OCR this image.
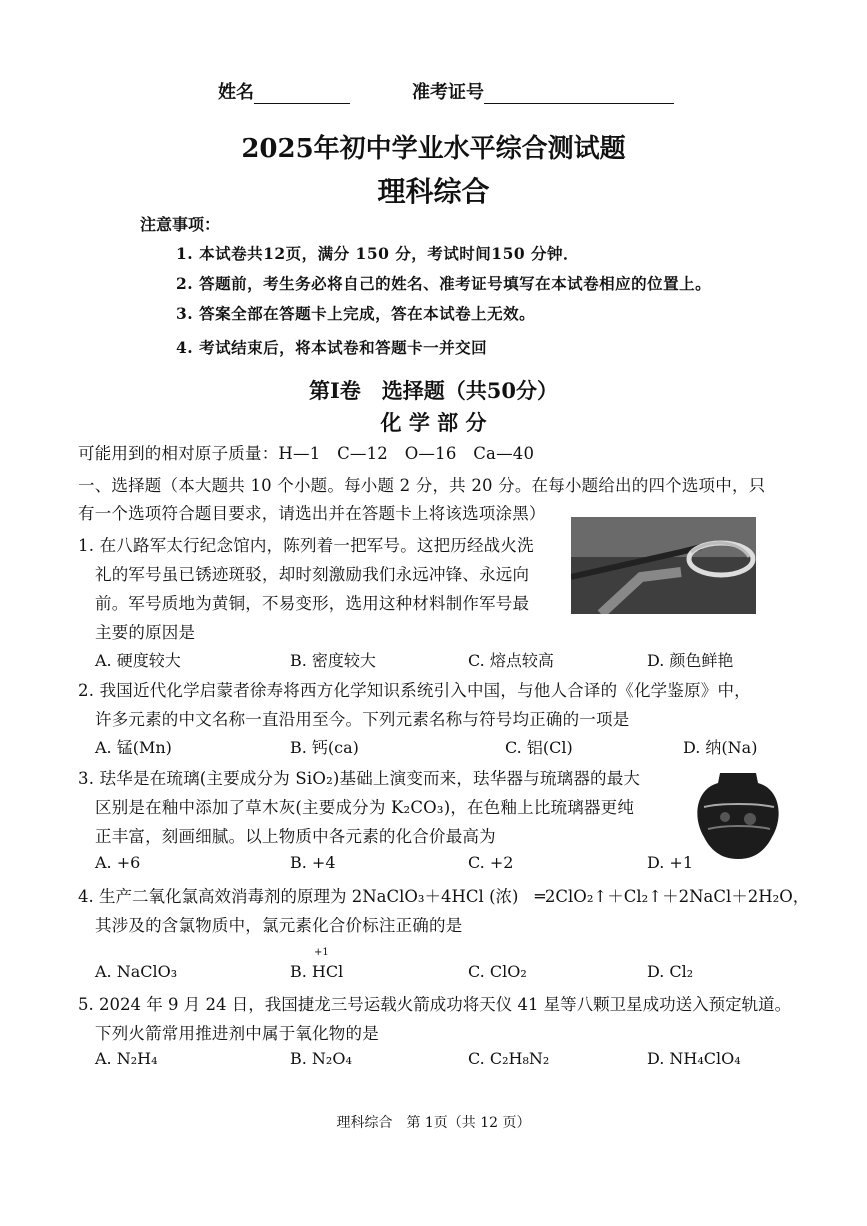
姓名	准考证号
2025年初中学业水平综合测试题
理科综合
注意事项：
1. 本试卷共12页，满分 150 分，考试时间150 分钟．
2. 答题前，考生务必将自己的姓名、准考证号填写在本试卷相应的位置上。
3. 答案全部在答题卡上完成，答在本试卷上无效。
4. 考试结束后，将本试卷和答题卡一并交回
第Ⅰ卷　选择题（共50分）
化 学 部 分
可能用到的相对原子质量：H—1　C—12　O—16　Ca—40
一、选择题（本大题共 10 个小题。每小题 2 分，共 20 分。在每小题给出的四个选项中，只
有一个选项符合题目要求，请选出并在答题卡上将该选项涂黑）
1. 在八路军太行纪念馆内，陈列着一把军号。这把历经战火洗
礼的军号虽已锈迹斑驳，却时刻激励我们永远冲锋、永远向
前。军号质地为黄铜，不易变形，选用这种材料制作军号最
主要的原因是
A. 硬度较大	B. 密度较大	C. 熔点较高	D. 颜色鲜艳
2. 我国近代化学启蒙者徐寿将西方化学知识系统引入中国，与他人合译的《化学鉴原》中，
许多元素的中文名称一直沿用至今。下列元素名称与符号均正确的一项是
A. 锰(Mn)	B. 钙(ca)	C. 铝(Cl)	D. 纳(Na)
3. 珐华是在琉璃(主要成分为 SiO₂)基础上演变而来，珐华器与琉璃器的最大
区别是在釉中添加了草木灰(主要成分为 K₂CO₃)，在色釉上比琉璃器更纯
正丰富，刻画细腻。以上物质中各元素的化合价最高为
A. +6	B. +4	C. +2	D. +1
4. 生产二氧化氯高效消毒剂的原理为 2NaClO₃＋4HCl (浓)　═2ClO₂↑＋Cl₂↑＋2NaCl＋2H₂O，
其涉及的含氯物质中，氯元素化合价标注正确的是
+1
A. NaClO₃	B. HCl	C. ClO₂	D. Cl₂
5. 2024 年 9 月 24 日，我国捷龙三号运载火箭成功将天仪 41 星等八颗卫星成功送入预定轨道。
下列火箭常用推进剂中属于氧化物的是
A. N₂H₄	B. N₂O₄	C. C₂H₈N₂	D. NH₄ClO₄
理科综合　第 1页（共 12 页）
